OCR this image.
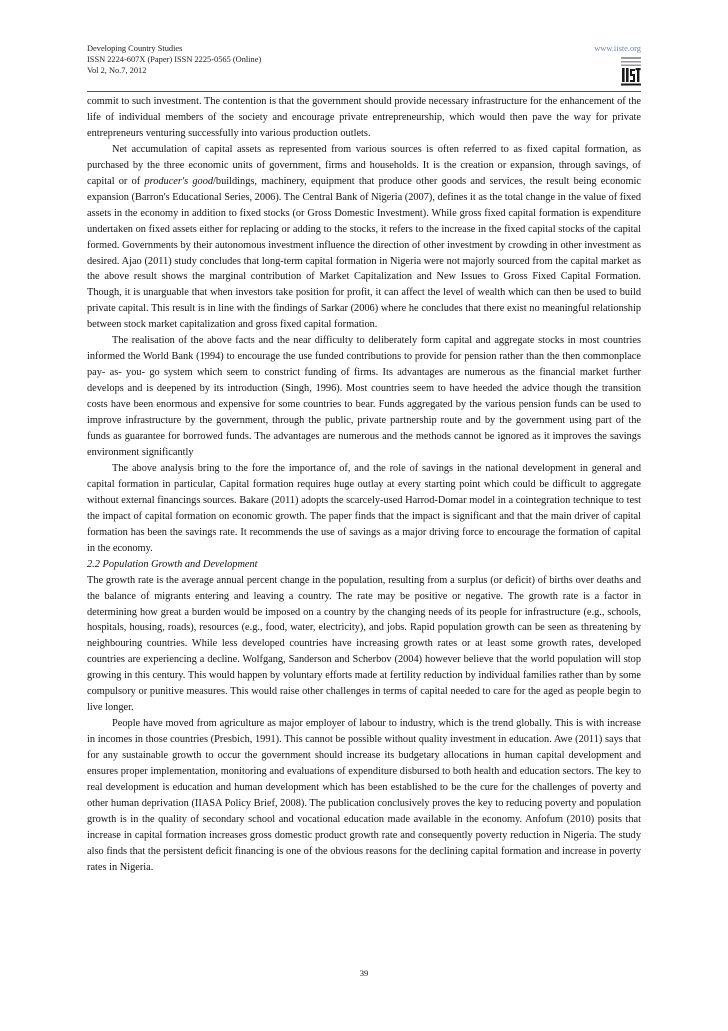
Developing Country Studies
ISSN 2224-607X (Paper) ISSN 2225-0565 (Online)
Vol 2, No.7, 2012
www.iiste.org

commit to such investment. The contention is that the government should provide necessary infrastructure for the enhancement of the life of individual members of the society and encourage private entrepreneurship, which would then pave the way for private entrepreneurs venturing successfully into various production outlets.

Net accumulation of capital assets as represented from various sources is often referred to as fixed capital formation, as purchased by the three economic units of government, firms and households. It is the creation or expansion, through savings, of capital or of producer's good/buildings, machinery, equipment that produce other goods and services, the result being economic expansion (Barron's Educational Series, 2006). The Central Bank of Nigeria (2007), defines it as the total change in the value of fixed assets in the economy in addition to fixed stocks (or Gross Domestic Investment). While gross fixed capital formation is expenditure undertaken on fixed assets either for replacing or adding to the stocks, it refers to the increase in the fixed capital stocks of the capital formed. Governments by their autonomous investment influence the direction of other investment by crowding in other investment as desired. Ajao (2011) study concludes that long-term capital formation in Nigeria were not majorly sourced from the capital market as the above result shows the marginal contribution of Market Capitalization and New Issues to Gross Fixed Capital Formation. Though, it is unarguable that when investors take position for profit, it can affect the level of wealth which can then be used to build private capital. This result is in line with the findings of Sarkar (2006) where he concludes that there exist no meaningful relationship between stock market capitalization and gross fixed capital formation.

The realisation of the above facts and the near difficulty to deliberately form capital and aggregate stocks in most countries informed the World Bank (1994) to encourage the use funded contributions to provide for pension rather than the then commonplace pay- as- you- go system which seem to constrict funding of firms. Its advantages are numerous as the financial market further develops and is deepened by its introduction (Singh, 1996). Most countries seem to have heeded the advice though the transition costs have been enormous and expensive for some countries to bear. Funds aggregated by the various pension funds can be used to improve infrastructure by the government, through the public, private partnership route and by the government using part of the funds as guarantee for borrowed funds. The advantages are numerous and the methods cannot be ignored as it improves the savings environment significantly

The above analysis bring to the fore the importance of, and the role of savings in the national development in general and capital formation in particular, Capital formation requires huge outlay at every starting point which could be difficult to aggregate without external financings sources. Bakare (2011) adopts the scarcely-used Harrod-Domar model in a cointegration technique to test the impact of capital formation on economic growth. The paper finds that the impact is significant and that the main driver of capital formation has been the savings rate. It recommends the use of savings as a major driving force to encourage the formation of capital in the economy.

2.2 Population Growth and Development

The growth rate is the average annual percent change in the population, resulting from a surplus (or deficit) of births over deaths and the balance of migrants entering and leaving a country. The rate may be positive or negative. The growth rate is a factor in determining how great a burden would be imposed on a country by the changing needs of its people for infrastructure (e.g., schools, hospitals, housing, roads), resources (e.g., food, water, electricity), and jobs. Rapid population growth can be seen as threatening by neighbouring countries. While less developed countries have increasing growth rates or at least some growth rates, developed countries are experiencing a decline. Wolfgang, Sanderson and Scherbov (2004) however believe that the world population will stop growing in this century. This would happen by voluntary efforts made at fertility reduction by individual families rather than by some compulsory or punitive measures. This would raise other challenges in terms of capital needed to care for the aged as people begin to live longer.

People have moved from agriculture as major employer of labour to industry, which is the trend globally. This is with increase in incomes in those countries (Presbich, 1991). This cannot be possible without quality investment in education. Awe (2011) says that for any sustainable growth to occur the government should increase its budgetary allocations in human capital development and ensures proper implementation, monitoring and evaluations of expenditure disbursed to both health and education sectors. The key to real development is education and human development which has been established to be the cure for the challenges of poverty and other human deprivation (IIASA Policy Brief, 2008). The publication conclusively proves the key to reducing poverty and population growth is in the quality of secondary school and vocational education made available in the economy. Anfofum (2010) posits that increase in capital formation increases gross domestic product growth rate and consequently poverty reduction in Nigeria. The study also finds that the persistent deficit financing is one of the obvious reasons for the declining capital formation and increase in poverty rates in Nigeria.

39
